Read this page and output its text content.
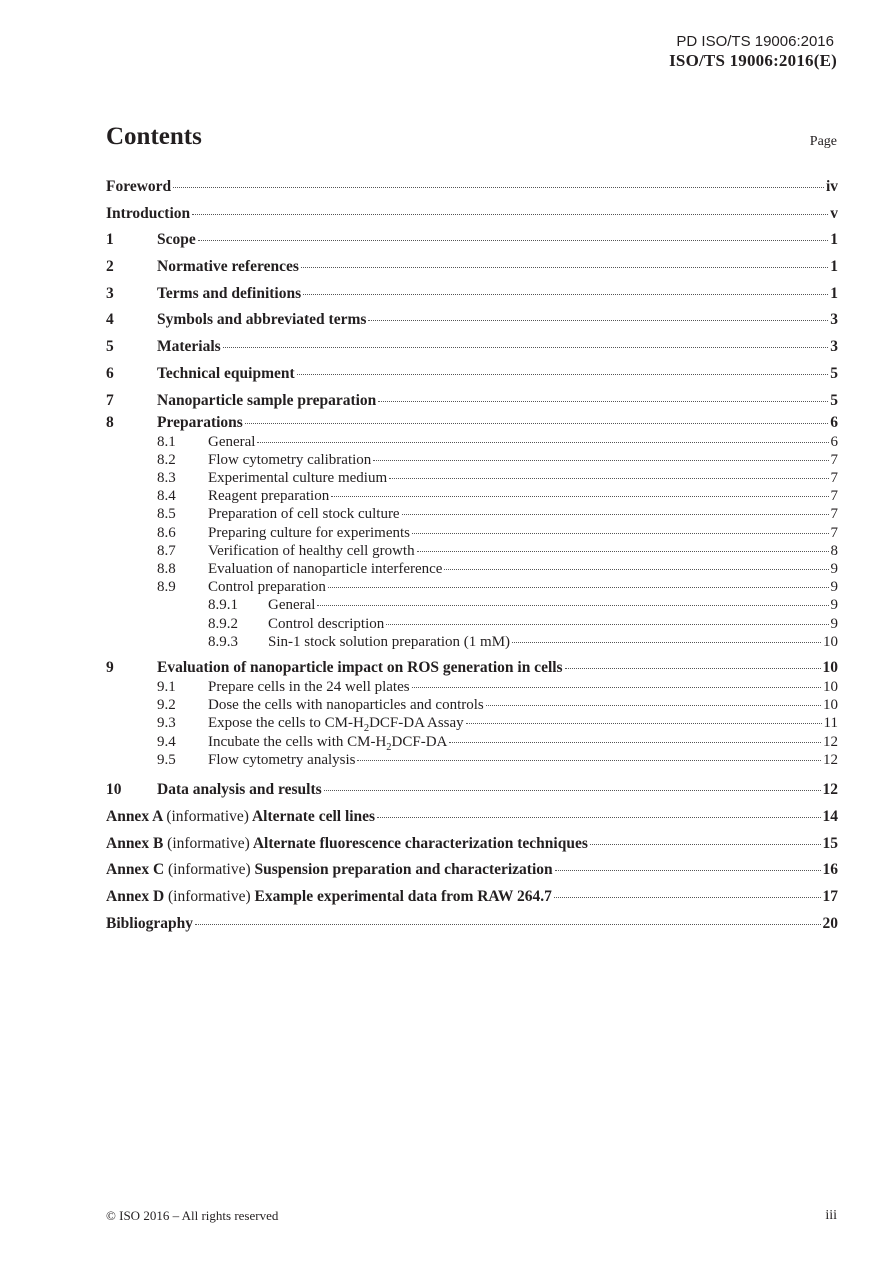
PD ISO/TS 19006:2016
ISO/TS 19006:2016(E)
Contents	Page
Foreword	iv
Introduction	v
1	Scope	1
2	Normative references	1
3	Terms and definitions	1
4	Symbols and abbreviated terms	3
5	Materials	3
6	Technical equipment	5
7	Nanoparticle sample preparation	5
8	Preparations	6
8.1	General	6
8.2	Flow cytometry calibration	7
8.3	Experimental culture medium	7
8.4	Reagent preparation	7
8.5	Preparation of cell stock culture	7
8.6	Preparing culture for experiments	7
8.7	Verification of healthy cell growth	8
8.8	Evaluation of nanoparticle interference	9
8.9	Control preparation	9
8.9.1	General	9
8.9.2	Control description	9
8.9.3	Sin-1 stock solution preparation (1 mM)	10
9	Evaluation of nanoparticle impact on ROS generation in cells	10
9.1	Prepare cells in the 24 well plates	10
9.2	Dose the cells with nanoparticles and controls	10
9.3	Expose the cells to $CM-H_2DCF-DA$ Assay	11
9.4	Incubate the cells with $CM-H_2DCF-DA$	12
9.5	Flow cytometry analysis	12
10	Data analysis and results	12
Annex A (informative) Alternate cell lines	14
Annex B (informative) Alternate fluorescence characterization techniques	15
Annex C (informative) Suspension preparation and characterization	16
Annex D (informative) Example experimental data from RAW 264.7	17
Bibliography	20
© ISO 2016 – All rights reserved	iii
